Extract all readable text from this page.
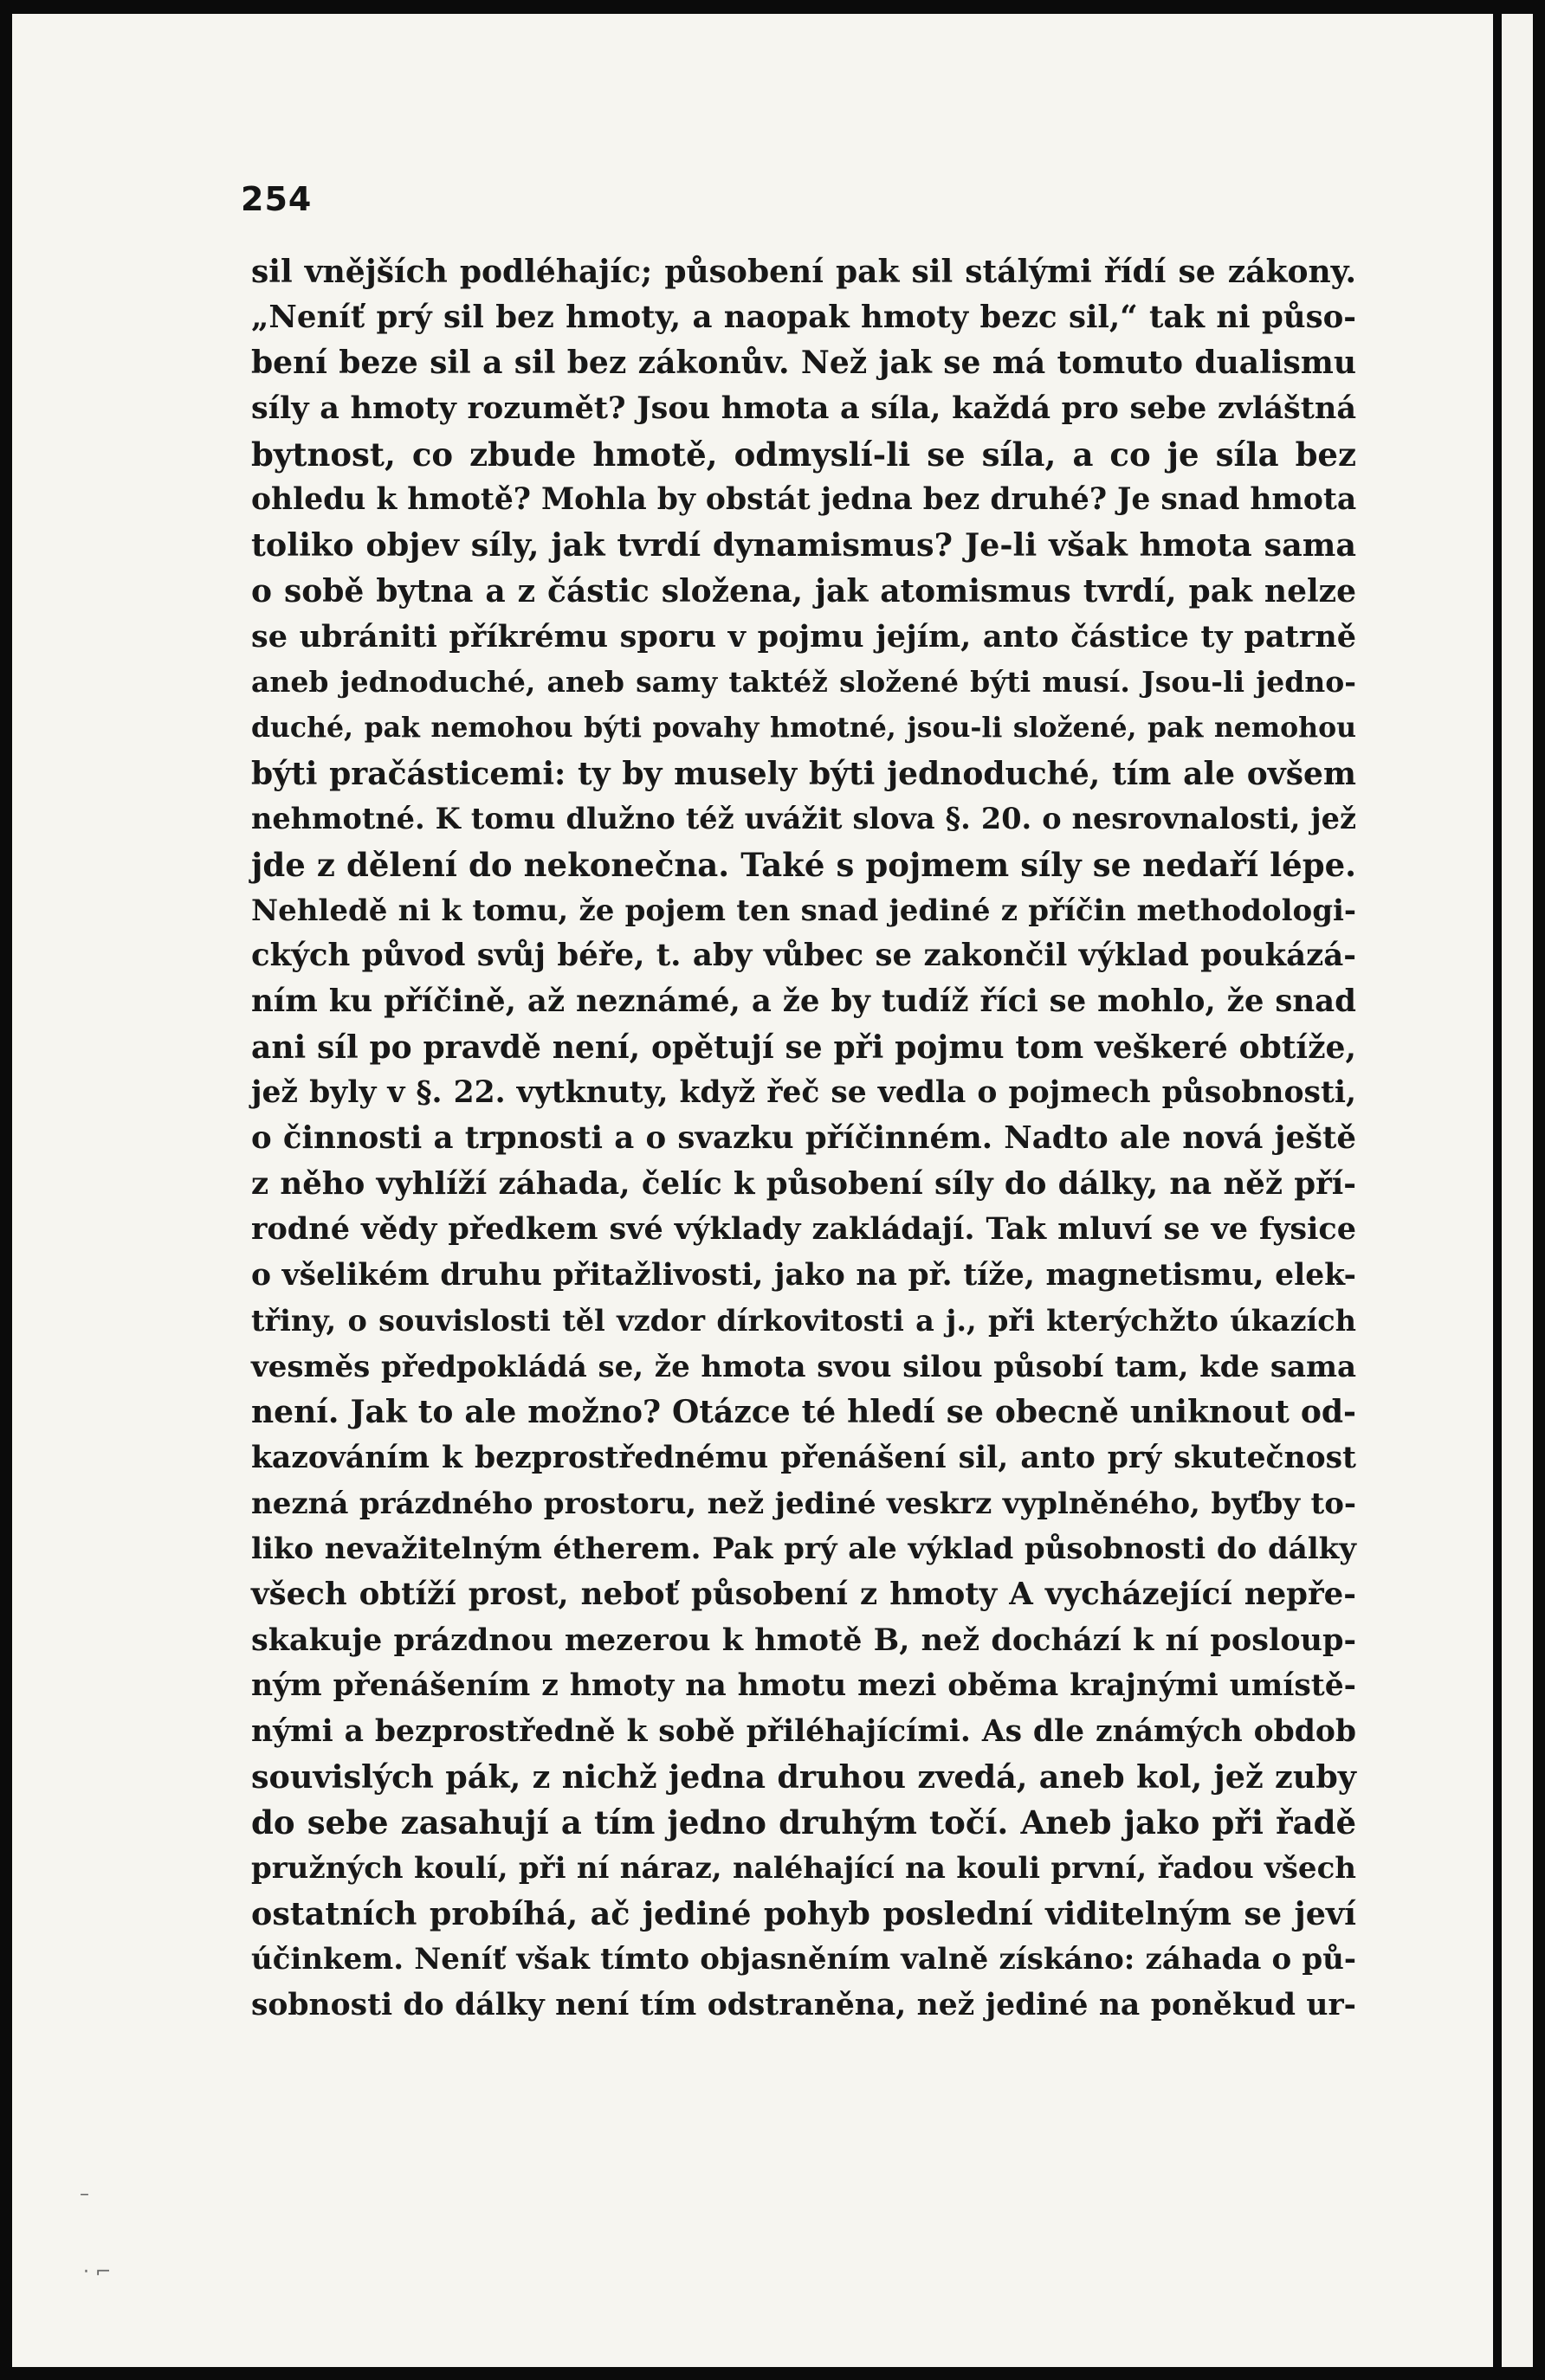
254
sil vnějších podléhajíc; působení pak sil stálými řídí se zákony.
„Neníť prý sil bez hmoty, a naopak hmoty bezc sil,“ tak ni půso-
bení beze sil a sil bez zákonův. Než jak se má tomuto dualismu
síly a hmoty rozumět? Jsou hmota a síla, každá pro sebe zvláštná
bytnost, co zbude hmotě, odmyslí-li se síla, a co je síla bez
ohledu k hmotě? Mohla by obstát jedna bez druhé? Je snad hmota
toliko objev síly, jak tvrdí dynamismus? Je-li však hmota sama
o sobě bytna a z částic složena, jak atomismus tvrdí, pak nelze
se ubrániti příkrému sporu v pojmu jejím, anto částice ty patrně
aneb jednoduché, aneb samy taktéž složené býti musí. Jsou-li jedno-
duché, pak nemohou býti povahy hmotné, jsou-li složené, pak nemohou
býti pračásticemi: ty by musely býti jednoduché, tím ale ovšem
nehmotné. K tomu dlužno též uvážit slova §. 20. o nesrovnalosti, jež
jde z dělení do nekonečna. Také s pojmem síly se nedaří lépe.
Nehledě ni k tomu, že pojem ten snad jediné z příčin methodologi-
ckých původ svůj béře, t. aby vůbec se zakončil výklad poukázá-
ním ku příčině, až neznámé, a že by tudíž říci se mohlo, že snad
ani síl po pravdě není, opětují se při pojmu tom veškeré obtíže,
jež byly v §. 22. vytknuty, když řeč se vedla o pojmech působnosti,
o činnosti a trpnosti a o svazku příčinném. Nadto ale nová ještě
z něho vyhlíží záhada, čelíc k působení síly do dálky, na něž pří-
rodné vědy předkem své výklady zakládají. Tak mluví se ve fysice
o všelikém druhu přitažlivosti, jako na př. tíže, magnetismu, elek-
třiny, o souvislosti těl vzdor dírkovitosti a j., při kterýchžto úkazích
vesměs předpokládá se, že hmota svou silou působí tam, kde sama
není. Jak to ale možno? Otázce té hledí se obecně uniknout od-
kazováním k bezprostřednému přenášení sil, anto prý skutečnost
nezná prázdného prostoru, než jediné veskrz vyplněného, byťby to-
liko nevažitelným étherem. Pak prý ale výklad působnosti do dálky
všech obtíží prost, neboť působení z hmoty A vycházející nepře-
skakuje prázdnou mezerou k hmotě B, než dochází k ní posloup-
ným přenášením z hmoty na hmotu mezi oběma krajnými umístě-
nými a bezprostředně k sobě přiléhajícími. As dle známých obdob
souvislých pák, z nichž jedna druhou zvedá, aneb kol, jež zuby
do sebe zasahují a tím jedno druhým točí. Aneb jako při řadě
pružných koulí, při ní náraz, naléhající na kouli první, řadou všech
ostatních probíhá, ač jediné pohyb poslední viditelným se jeví
účinkem. Neníť však tímto objasněním valně získáno: záhada o pů-
sobnosti do dálky není tím odstraněna, než jediné na poněkud ur-
–
· ⌐
